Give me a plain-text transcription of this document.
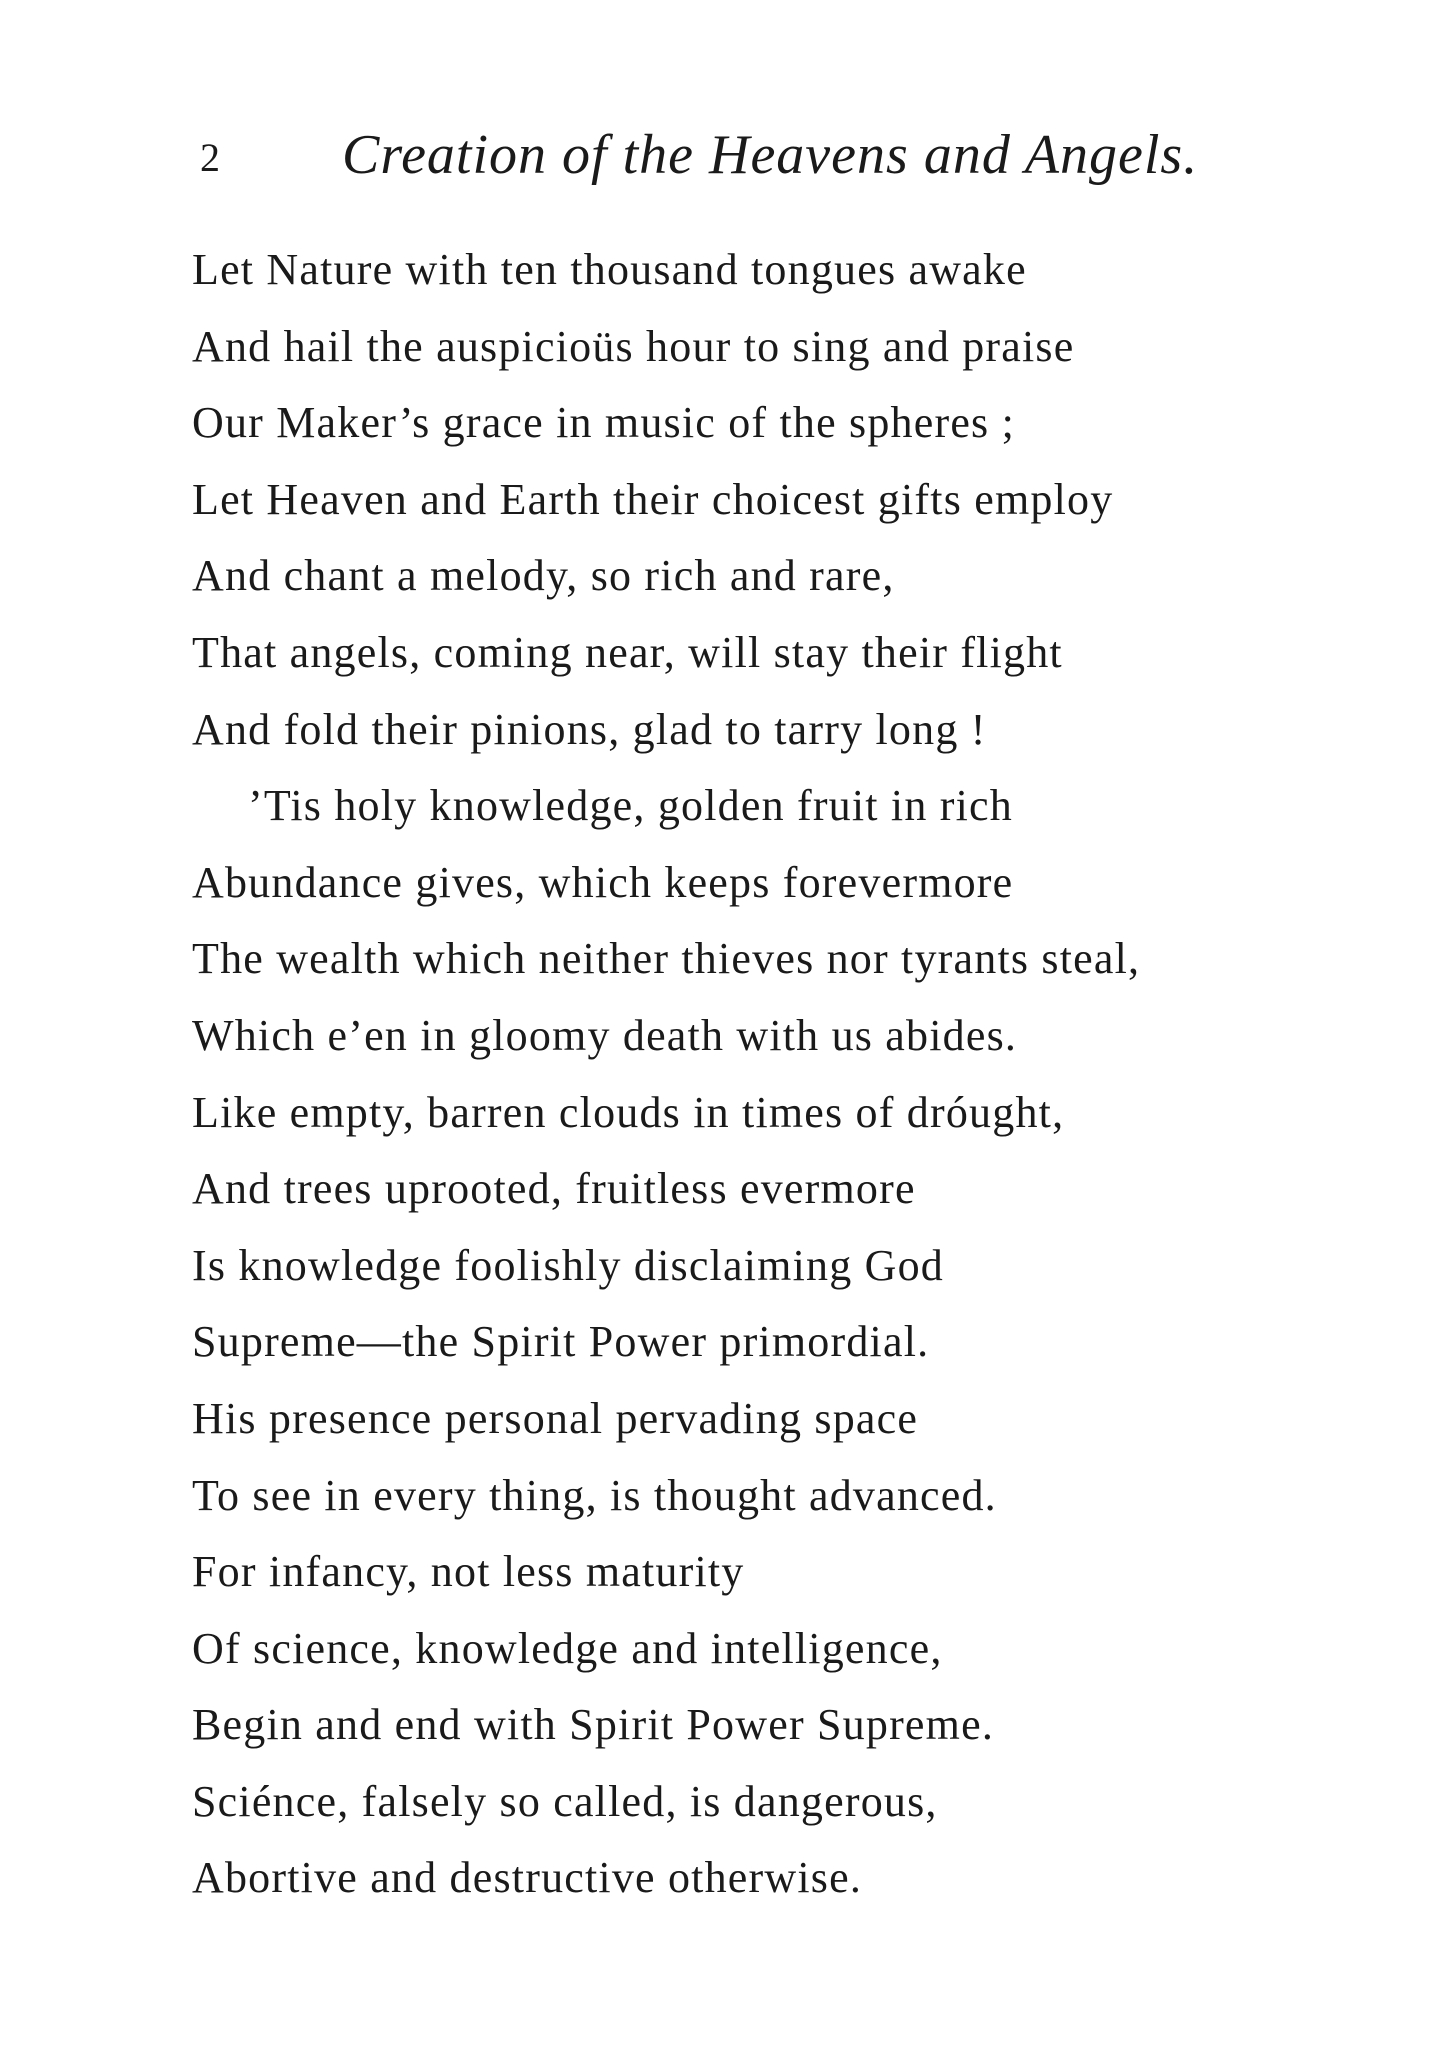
2 Creation of the Heavens and Angels.
Let Nature with ten thousand tongues awake
And hail the auspicioüs hour to sing and praise
Our Maker’s grace in music of the spheres ;
Let Heaven and Earth their choicest gifts employ
And chant a melody, so rich and rare,
That angels, coming near, will stay their flight
And fold their pinions, glad to tarry long !
’Tis holy knowledge, golden fruit in rich
Abundance gives, which keeps forevermore
The wealth which neither thieves nor tyrants steal,
Which e’en in gloomy death with us abides.
Like empty, barren clouds in times of dróught,
And trees uprooted, fruitless evermore
Is knowledge foolishly disclaiming God
Supreme—the Spirit Power primordial.
His presence personal pervading space
To see in every thing, is thought advanced.
For infancy, not less maturity
Of science, knowledge and intelligence,
Begin and end with Spirit Power Supreme.
Sciénce, falsely so called, is dangerous,
Abortive and destructive otherwise.
